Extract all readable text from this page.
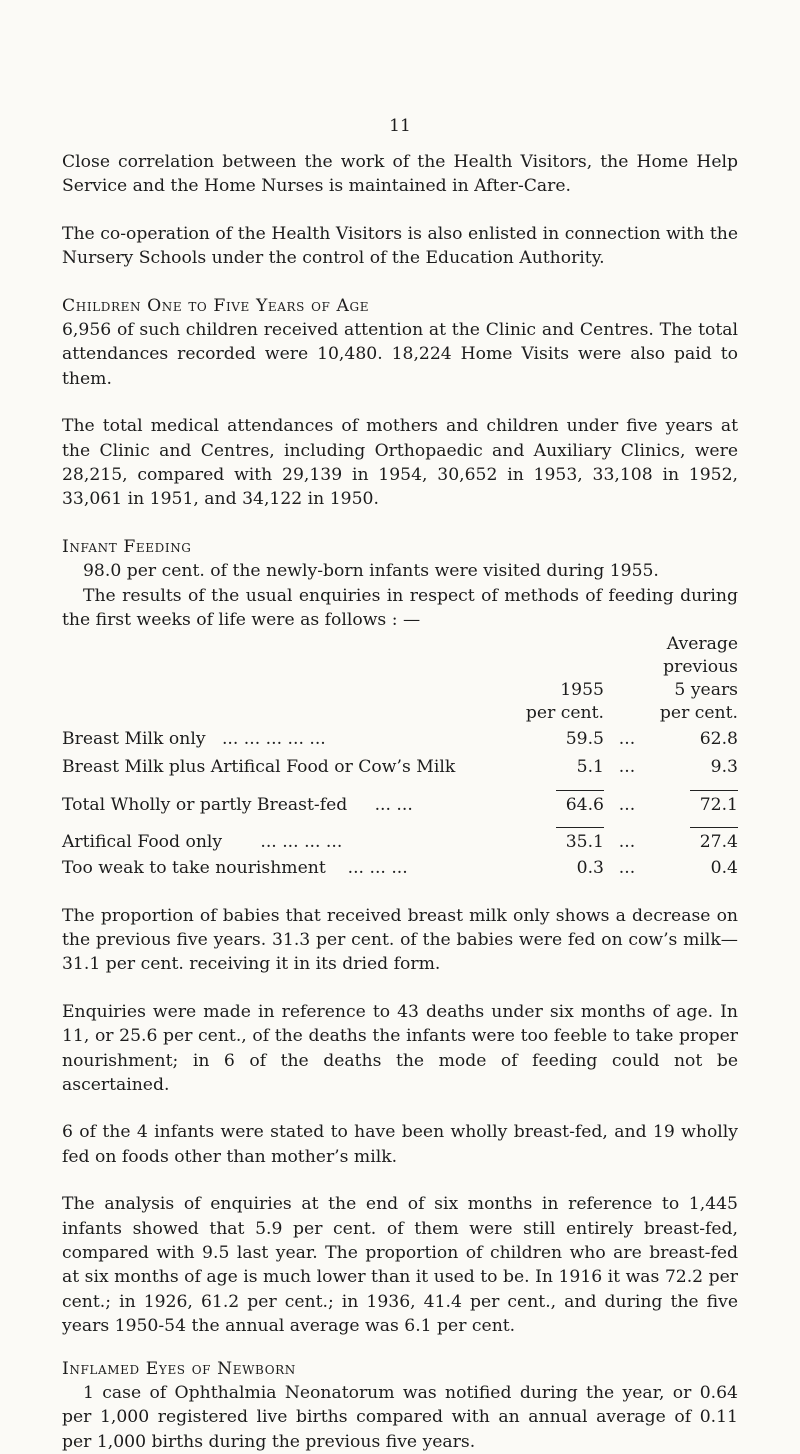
11

Close correlation between the work of the Health Visitors, the Home Help Service and the Home Nurses is maintained in After-Care.

The co-operation of the Health Visitors is also enlisted in connection with the Nursery Schools under the control of the Education Authority.

Children One to Five Years of Age

6,956 of such children received attention at the Clinic and Centres. The total attendances recorded were 10,480. 18,224 Home Visits were also paid to them.

The total medical attendances of mothers and children under five years at the Clinic and Centres, including Orthopaedic and Auxiliary Clinics, were 28,215, compared with 29,139 in 1954, 30,652 in 1953, 33,108 in 1952, 33,061 in 1951, and 34,122 in 1950.

Infant Feeding

98.0 per cent. of the newly-born infants were visited during 1955.

The results of the usual enquiries in respect of methods of feeding during the first weeks of life were as follows : —

			Average
			previous
	1955		5 years
	per cent.		per cent.
Breast Milk only ... ... ... ... ...	59.5	...	62.8
Breast Milk plus Artifical Food or Cow’s Milk	5.1	...	9.3

Total Wholly or partly Breast-fed ... ...	64.6	...	72.1

Artifical Food only ... ... ... ...	35.1	...	27.4
Too weak to take nourishment ... ... ...	0.3	...	0.4

The proportion of babies that received breast milk only shows a decrease on the previous five years. 31.3 per cent. of the babies were fed on cow’s milk—31.1 per cent. receiving it in its dried form.

Enquiries were made in reference to 43 deaths under six months of age. In 11, or 25.6 per cent., of the deaths the infants were too feeble to take proper nourishment; in 6 of the deaths the mode of feeding could not be ascertained.

6 of the 4 infants were stated to have been wholly breast-fed, and 19 wholly fed on foods other than mother’s milk.

The analysis of enquiries at the end of six months in reference to 1,445 infants showed that 5.9 per cent. of them were still entirely breast-fed, compared with 9.5 last year. The proportion of children who are breast-fed at six months of age is much lower than it used to be. In 1916 it was 72.2 per cent.; in 1926, 61.2 per cent.; in 1936, 41.4 per cent., and during the five years 1950-54 the annual average was 6.1 per cent.

Inflamed Eyes of Newborn

1 case of Ophthalmia Neonatorum was notified during the year, or 0.64 per 1,000 registered live births compared with an annual average of 0.11 per 1,000 births during the previous five years.
